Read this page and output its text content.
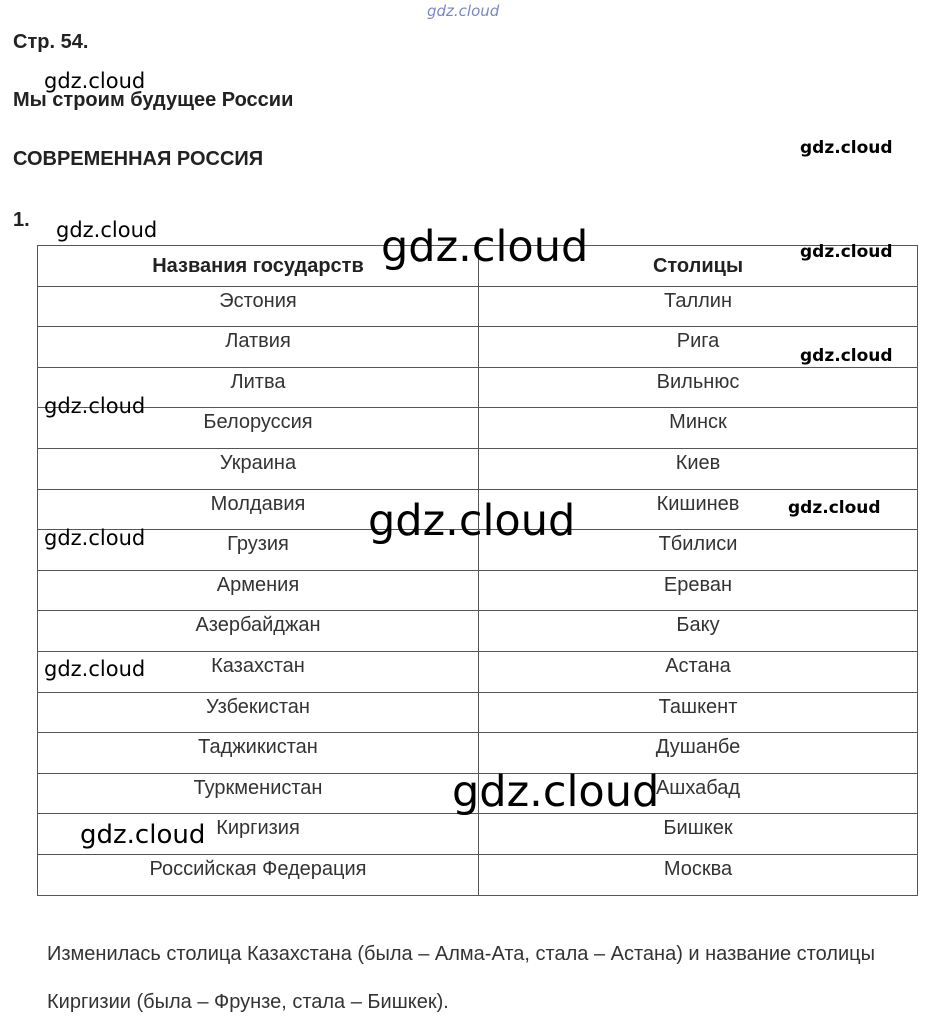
gdz.cloud
Стр. 54.
Мы строим будущее России
СОВРЕМЕННАЯ РОССИЯ
1.
Названия государств	Столицы
Эстония	Таллин
Латвия	Рига
Литва	Вильнюс
Белоруссия	Минск
Украина	Киев
Молдавия	Кишинев
Грузия	Тбилиси
Армения	Ереван
Азербайджан	Баку
Казахстан	Астана
Узбекистан	Ташкент
Таджикистан	Душанбе
Туркменистан	Ашхабад
Киргизия	Бишкек
Российская Федерация	Москва
Изменилась столица Казахстана (была – Алма-Ата, стала – Астана) и название столицы Киргизии (была – Фрунзе, стала – Бишкек).
gdz.cloud
gdz.cloud
gdz.cloud	gdz.cloud	gdz.cloud
gdz.cloud
gdz.cloud
gdz.cloud
gdz.cloud
gdz.cloud
gdz.cloud
gdz.cloud
gdz.cloud
